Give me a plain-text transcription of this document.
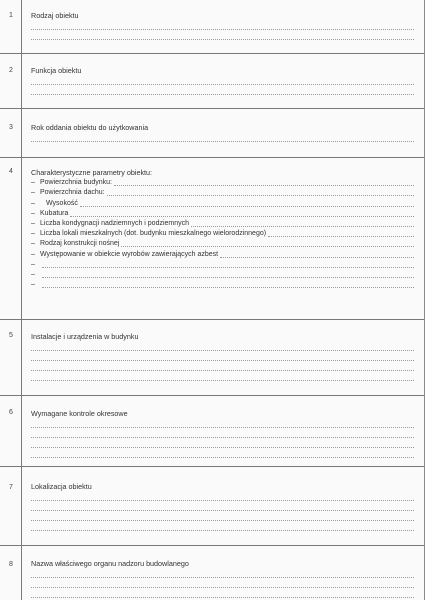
1	Rodzaj obiektu
2	Funkcja obiektu
3	Rok oddania obiektu do użytkowania
4	Charakterystyczne parametry obiektu:
– Powierzchnia budynku:
– Powierzchnia dachu:
–	Wysokość
– Kubatura
– Liczba kondygnacji nadziemnych i podziemnych
– Liczba lokali mieszkalnych (dot. budynku mieszkalnego wielorodzinnego)
– Rodzaj konstrukcji nośnej
– Występowanie w obiekcie wyrobów zawierających azbest
–
–
–
5	Instalacje i urządzenia w budynku
6	Wymagane kontrole okresowe
7	Lokalizacja obiektu
8	Nazwa właściwego organu nadzoru budowlanego
